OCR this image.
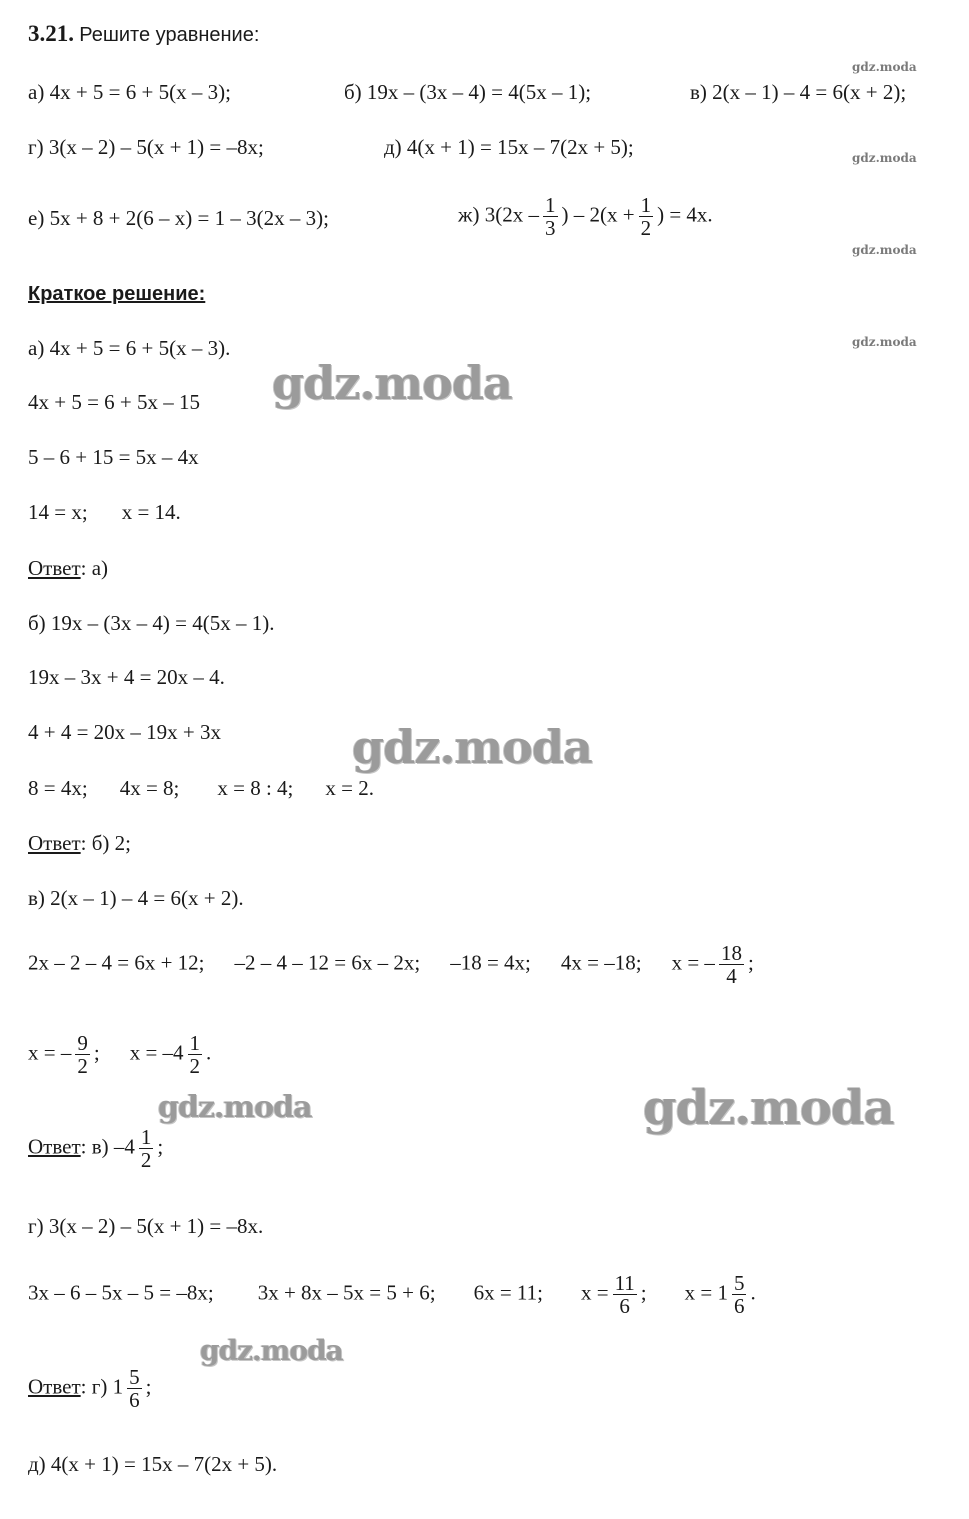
3.21. Решите уравнение:
а) 4x + 5 = 6 + 5(x – 3);	б) 19x – (3x – 4) = 4(5x – 1);	в) 2(x – 1) – 4 = 6(x + 2);
г) 3(x – 2) – 5(x + 1) = –8x;	д) 4(x + 1) = 15x – 7(2x + 5);
е) 5x + 8 + 2(6 – x) = 1 – 3(2x – 3);	ж) $3(2x - \frac{1}{3}$ ) – $2(x + \frac{1}{2}$ ) = 4x.
Краткое решение:
а) 4x + 5 = 6 + 5(x – 3).
4x + 5 = 6 + 5x – 15
5 – 6 + 15 = 5x – 4x
14 = x; x = 14.
Ответ: а)
б) 19x – (3x – 4) = 4(5x – 1).
19x – 3x + 4 = 20x – 4.
4 + 4 = 20x – 19x + 3x
8 = 4x; 4x = 8; x = 8 : 4; x = 2.
Ответ: б) 2;
в) 2(x – 1) – 4 = 6(x + 2).
2x – 2 – 4 = 6x + 12; –2 – 4 – 12 = 6x – 2x; –18 = 4x; 4x = –18; x = – $\frac{18}{4}$ ;
x = – $\frac{9}{2}$ ; $x = -4 \frac{1}{2}$ .
Ответ: в) $-4 \frac{1}{2}$ ;
г) 3(x – 2) – 5(x + 1) = –8x.
3x – 6 – 5x – 5 = –8x; 3x + 8x – 5x = 5 + 6; 6x = 11; $x = \frac{11}{6}$ ; $x = 1 \frac{5}{6}$ .
Ответ: г) $1 \frac{5}{6}$ ;
д) 4(x + 1) = 15x – 7(2x + 5).
gdz.moda
gdz.moda
gdz.moda
gdz.moda
gdz.moda
gdz.moda
gdz.moda	gdz.moda
gdz.moda
